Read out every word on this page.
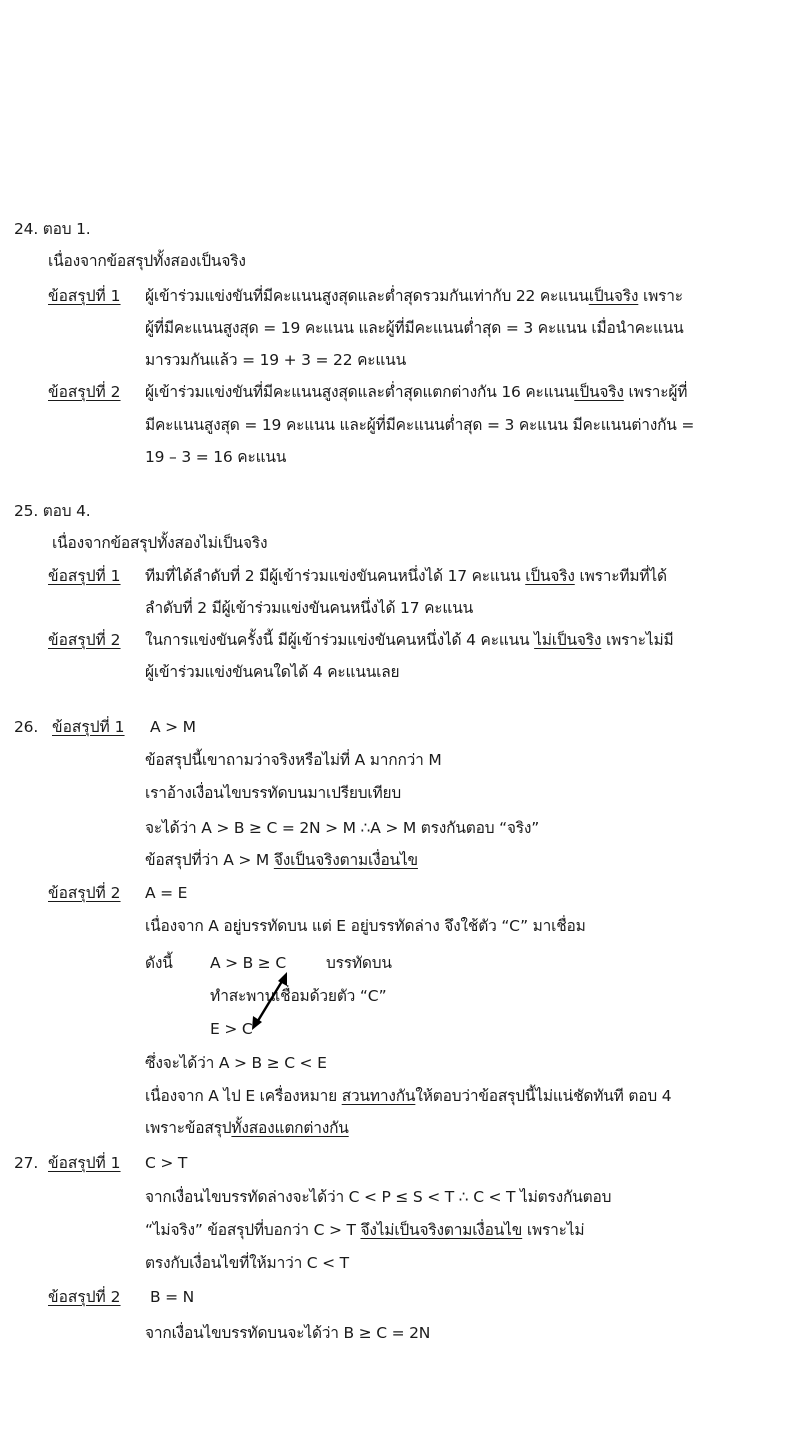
24. ตอบ 1.
เนื่องจากข้อสรุปทั้งสองเป็นจริง
ข้อสรุปที่ 1 ผู้เข้าร่วมแข่งขันที่มีคะแนนสูงสุดและต่ำสุดรวมกันเท่ากับ 22 คะแนนเป็นจริง เพราะ
ผู้ที่มีคะแนนสูงสุด = 19 คะแนน และผู้ที่มีคะแนนต่ำสุด = 3 คะแนน เมื่อนำคะแนน
มารวมกันแล้ว = 19 + 3 = 22 คะแนน
ข้อสรุปที่ 2 ผู้เข้าร่วมแข่งขันที่มีคะแนนสูงสุดและต่ำสุดแตกต่างกัน 16 คะแนนเป็นจริง เพราะผู้ที่
มีคะแนนสูงสุด = 19 คะแนน และผู้ที่มีคะแนนต่ำสุด = 3 คะแนน มีคะแนนต่างกัน =
19 – 3 = 16 คะแนน
25. ตอบ 4.
เนื่องจากข้อสรุปทั้งสองไม่เป็นจริง
ข้อสรุปที่ 1 ทีมที่ได้ลำดับที่ 2 มีผู้เข้าร่วมแข่งขันคนหนึ่งได้ 17 คะแนน เป็นจริง เพราะทีมที่ได้
ลำดับที่ 2 มีผู้เข้าร่วมแข่งขันคนหนึ่งได้ 17 คะแนน
ข้อสรุปที่ 2 ในการแข่งขันครั้งนี้ มีผู้เข้าร่วมแข่งขันคนหนึ่งได้ 4 คะแนน ไม่เป็นจริง เพราะไม่มี
ผู้เข้าร่วมแข่งขันคนใดได้ 4 คะแนนเลย
26. ข้อสรุปที่ 1 A > M
ข้อสรุปนี้เขาถามว่าจริงหรือไม่ที่ A มากกว่า M
เราอ้างเงื่อนไขบรรทัดบนมาเปรียบเทียบ
จะได้ว่า A > B ≥ C = 2N > M ∴A > M ตรงกันตอบ “จริง”
ข้อสรุปที่ว่า A > M จึงเป็นจริงตามเงื่อนไข
ข้อสรุปที่ 2 A = E
เนื่องจาก A อยู่บรรทัดบน แต่ E อยู่บรรทัดล่าง จึงใช้ตัว “C” มาเชื่อม
ดังนี้ A > B ≥ C	บรรทัดบน
ทำสะพานเชื่อมด้วยตัว “C”
E > C
ซึ่งจะได้ว่า A > B ≥ C < E
เนื่องจาก A ไป E เครื่องหมาย สวนทางกันให้ตอบว่าข้อสรุปนี้ไม่แน่ชัดทันที ตอบ 4
เพราะข้อสรุปทั้งสองแตกต่างกัน
27. ข้อสรุปที่ 1 C > T
จากเงื่อนไขบรรทัดล่างจะได้ว่า C < P ≤ S < T ∴ C < T ไม่ตรงกันตอบ
“ไม่จริง” ข้อสรุปที่บอกว่า C > T จึงไม่เป็นจริงตามเงื่อนไข เพราะไม่
ตรงกับเงื่อนไขที่ให้มาว่า C < T
ข้อสรุปที่ 2 B = N
จากเงื่อนไขบรรทัดบนจะได้ว่า B ≥ C = 2N
